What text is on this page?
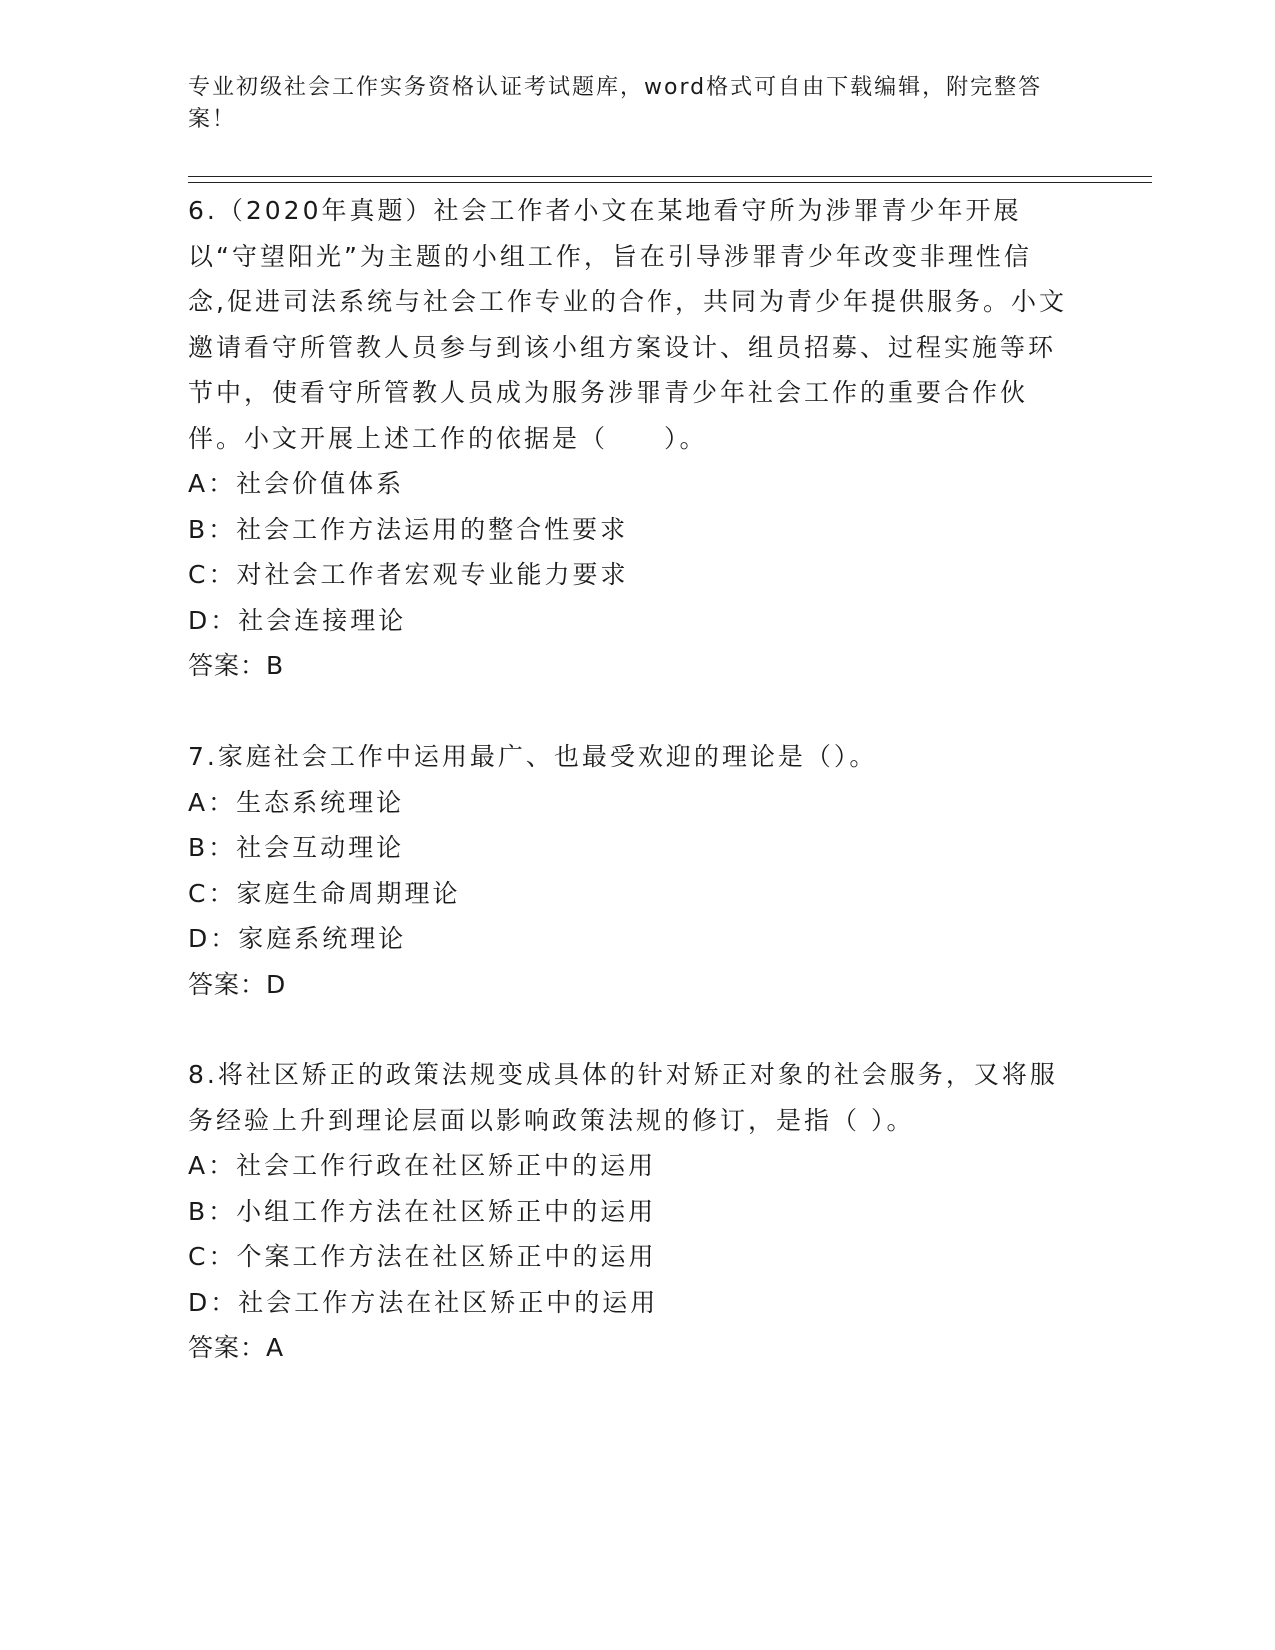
专业初级社会工作实务资格认证考试题库，word格式可自由下载编辑，附完整答案！

6.（2020年真题）社会工作者小文在某地看守所为涉罪青少年开展以“守望阳光”为主题的小组工作，旨在引导涉罪青少年改变非理性信念,促进司法系统与社会工作专业的合作，共同为青少年提供服务。小文邀请看守所管教人员参与到该小组方案设计、组员招募、过程实施等环节中，使看守所管教人员成为服务涉罪青少年社会工作的重要合作伙伴。小文开展上述工作的依据是（　　）。

A：社会价值体系

B：社会工作方法运用的整合性要求

C：对社会工作者宏观专业能力要求

D：社会连接理论

答案：B

7.家庭社会工作中运用最广、也最受欢迎的理论是（）。

A：生态系统理论

B：社会互动理论

C：家庭生命周期理论

D：家庭系统理论

答案：D

8.将社区矫正的政策法规变成具体的针对矫正对象的社会服务，又将服务经验上升到理论层面以影响政策法规的修订，是指（ ）。

A：社会工作行政在社区矫正中的运用

B：小组工作方法在社区矫正中的运用

C：个案工作方法在社区矫正中的运用

D：社会工作方法在社区矫正中的运用

答案：A
